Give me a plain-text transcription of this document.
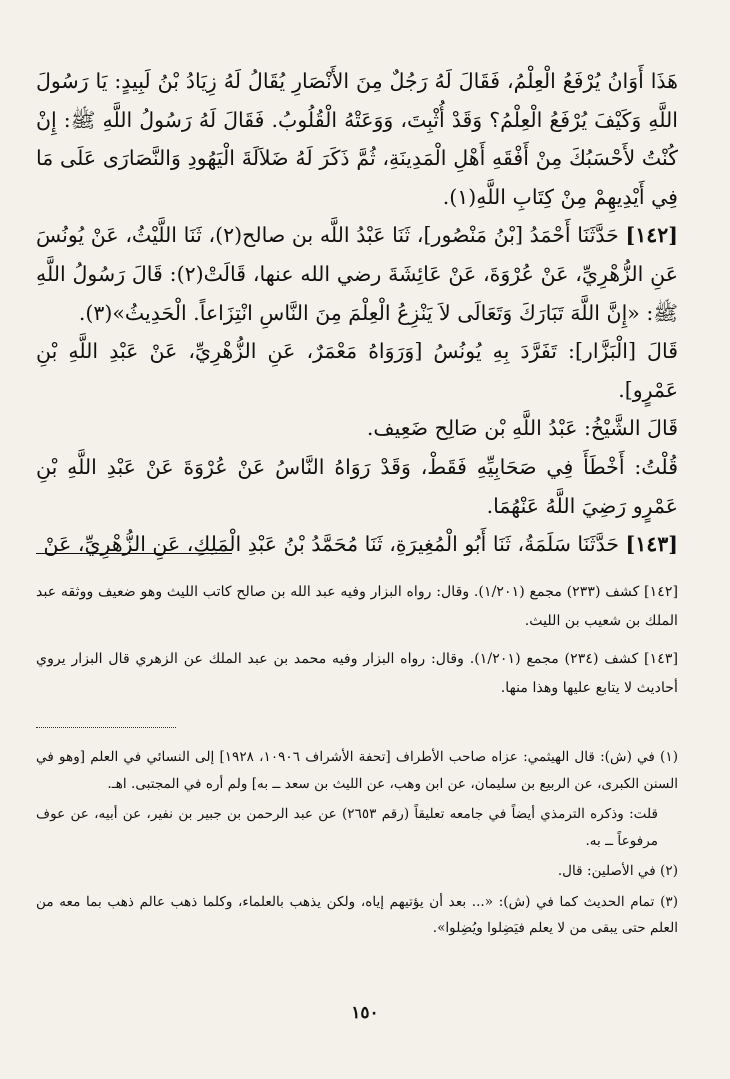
هَذَا أَوَانُ يُرْفَعُ الْعِلْمُ، فَقَالَ لَهُ رَجُلٌ مِنَ الأَنْصَارِ يُقَالُ لَهُ زِيَادُ بْنُ لَبِيدٍ: يَا رَسُولَ اللَّهِ وَكَيْفَ يُرْفَعُ الْعِلْمُ؟ وَقَدْ أُثْبِتَ، وَوَعَتْهُ الْقُلُوبُ. فَقَالَ لَهُ رَسُولُ اللَّهِ ﷺ: إِنْ كُنْتُ لأَحْسَبُكَ مِنْ أَفْقَهِ أَهْلِ الْمَدِينَةِ، ثُمَّ ذَكَرَ لَهُ ضَلاَلَةَ الْيَهُودِ وَالنَّصَارَى عَلَى مَا فِي أَيْدِيهِمْ مِنْ كِتَابِ اللَّهِ(١).

[١٤٢] حَدَّثَنَا أَحْمَدُ [بْنُ مَنْصُور]، ثَنَا عَبْدُ اللَّه بن صالح(٢)، ثَنَا اللَّيْثُ، عَنْ يُونُسَ عَنِ الزُّهْرِيِّ، عَنْ عُرْوَةَ، عَنْ عَائِشَةَ رضي الله عنها، قَالَتْ(٢): قَالَ رَسُولُ اللَّهِ ﷺ: «إِنَّ اللَّهَ تَبَارَكَ وَتَعَالَى لاَ يَنْزِعُ الْعِلْمَ مِنَ النَّاسِ انْتِزَاعاً. الْحَدِيثُ»(٣).

قَالَ [الْبَزَّار]: تَفَرَّدَ بِهِ يُونُسُ [وَرَوَاهُ مَعْمَرٌ، عَنِ الزُّهْرِيِّ، عَنْ عَبْدِ اللَّهِ بْنِ عَمْرٍو].

قَالَ الشَّيْخُ: عَبْدُ اللَّهِ بْن صَالِح ضَعِيف.

قُلْتُ: أَخْطَأَ فِي صَحَابِيِّهِ فَقَطْ، وَقَدْ رَوَاهُ النَّاسُ عَنْ عُرْوَةَ عَنْ عَبْدِ اللَّهِ بْنِ عَمْرٍو رَضِيَ اللَّهُ عَنْهُمَا.

[١٤٣] حَدَّثَنَا سَلَمَةُ، ثَنَا أَبُو الْمُغِيرَةِ، ثَنَا مُحَمَّدُ بْنُ عَبْدِ الْمَلِكِ، عَنِ الزُّهْرِيِّ، عَنْ

[١٤٢] كشف (٢٣٣) مجمع (١/٢٠١). وقال: رواه البزار وفيه عبد الله بن صالح كاتب الليث وهو ضعيف ووثقه عبد الملك بن شعيب بن الليث.

[١٤٣] كشف (٢٣٤) مجمع (١/٢٠١). وقال: رواه البزار وفيه محمد بن عبد الملك عن الزهري قال البزار يروي أحاديث لا يتابع عليها وهذا منها.

(١) في (ش): قال الهيثمي: عزاه صاحب الأطراف [تحفة الأشراف ١٠٩٠٦، ١٩٢٨] إلى النسائي في العلم [وهو في السنن الكبرى، عن الربيع بن سليمان، عن ابن وهب، عن الليث بن سعد ــ به] ولم أره في المجتبى. اهـ.

قلت: وذكره الترمذي أيضاً في جامعه تعليقاً (رقم ٢٦٥٣) عن عبد الرحمن بن جبير بن نفير، عن أبيه، عن عوف مرفوعاً ــ به.

(٢) في الأصلين: قال.

(٣) تمام الحديث كما في (ش): «... بعد أن يؤتيهم إياه، ولكن يذهب بالعلماء، وكلما ذهب عالم ذهب بما معه من العلم حتى يبقى من لا يعلم فيَضِلوا ويُضِلوا».

١٥٠
